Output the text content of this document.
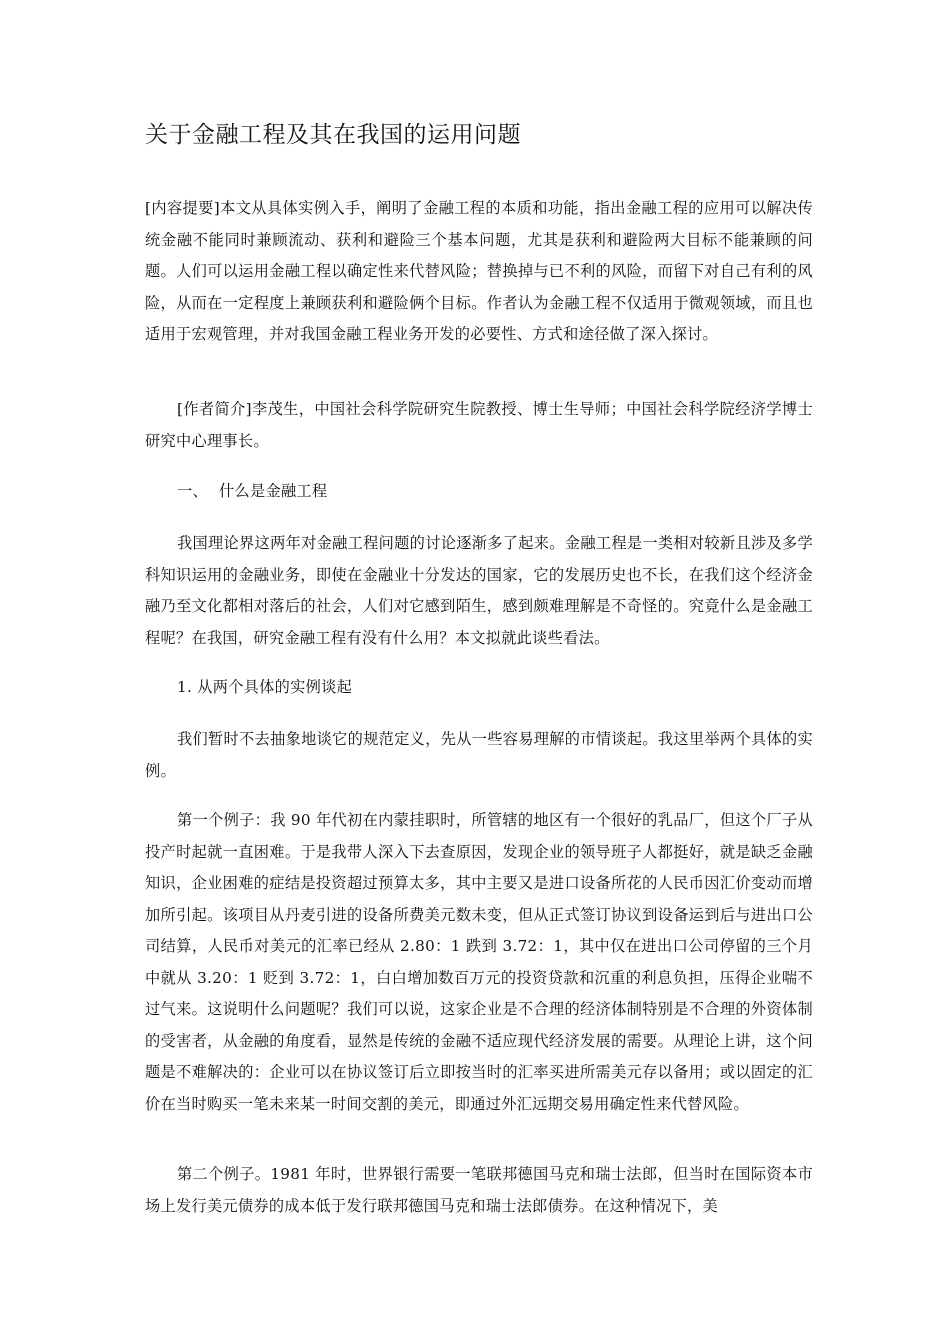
关于金融工程及其在我国的运用问题

[内容提要]本文从具体实例入手，阐明了金融工程的本质和功能，指出金融工程的应用可以解决传统金融不能同时兼顾流动、获利和避险三个基本问题，尤其是获利和避险两大目标不能兼顾的问题。人们可以运用金融工程以确定性来代替风险；替换掉与已不利的风险，而留下对自己有利的风险，从而在一定程度上兼顾获利和避险俩个目标。作者认为金融工程不仅适用于微观领域，而且也适用于宏观管理，并对我国金融工程业务开发的必要性、方式和途径做了深入探讨。

[作者简介]李茂生，中国社会科学院研究生院教授、博士生导师；中国社会科学院经济学博士研究中心理事长。

一、 什么是金融工程

我国理论界这两年对金融工程问题的讨论逐渐多了起来。金融工程是一类相对较新且涉及多学科知识运用的金融业务，即使在金融业十分发达的国家，它的发展历史也不长，在我们这个经济金融乃至文化都相对落后的社会，人们对它感到陌生，感到颇难理解是不奇怪的。究竟什么是金融工程呢？在我国，研究金融工程有没有什么用？本文拟就此谈些看法。

1. 从两个具体的实例谈起

我们暂时不去抽象地谈它的规范定义，先从一些容易理解的市情谈起。我这里举两个具体的实例。

第一个例子：我 90 年代初在内蒙挂职时，所管辖的地区有一个很好的乳品厂，但这个厂子从投产时起就一直困难。于是我带人深入下去查原因，发现企业的领导班子人都挺好，就是缺乏金融知识，企业困难的症结是投资超过预算太多，其中主要又是进口设备所花的人民币因汇价变动而增加所引起。该项目从丹麦引进的设备所费美元数未变，但从正式签订协议到设备运到后与进出口公司结算，人民币对美元的汇率已经从 2.80：1 跌到 3.72：1，其中仅在进出口公司停留的三个月中就从 3.20：1 贬到 3.72：1，白白增加数百万元的投资贷款和沉重的利息负担，压得企业喘不过气来。这说明什么问题呢？我们可以说，这家企业是不合理的经济体制特别是不合理的外资体制的受害者，从金融的角度看，显然是传统的金融不适应现代经济发展的需要。从理论上讲，这个问题是不难解决的：企业可以在协议签订后立即按当时的汇率买进所需美元存以备用；或以固定的汇价在当时购买一笔未来某一时间交割的美元，即通过外汇远期交易用确定性来代替风险。

第二个例子。1981 年时，世界银行需要一笔联邦德国马克和瑞士法郎，但当时在国际资本市场上发行美元债券的成本低于发行联邦德国马克和瑞士法郎债券。在这种情况下，美
